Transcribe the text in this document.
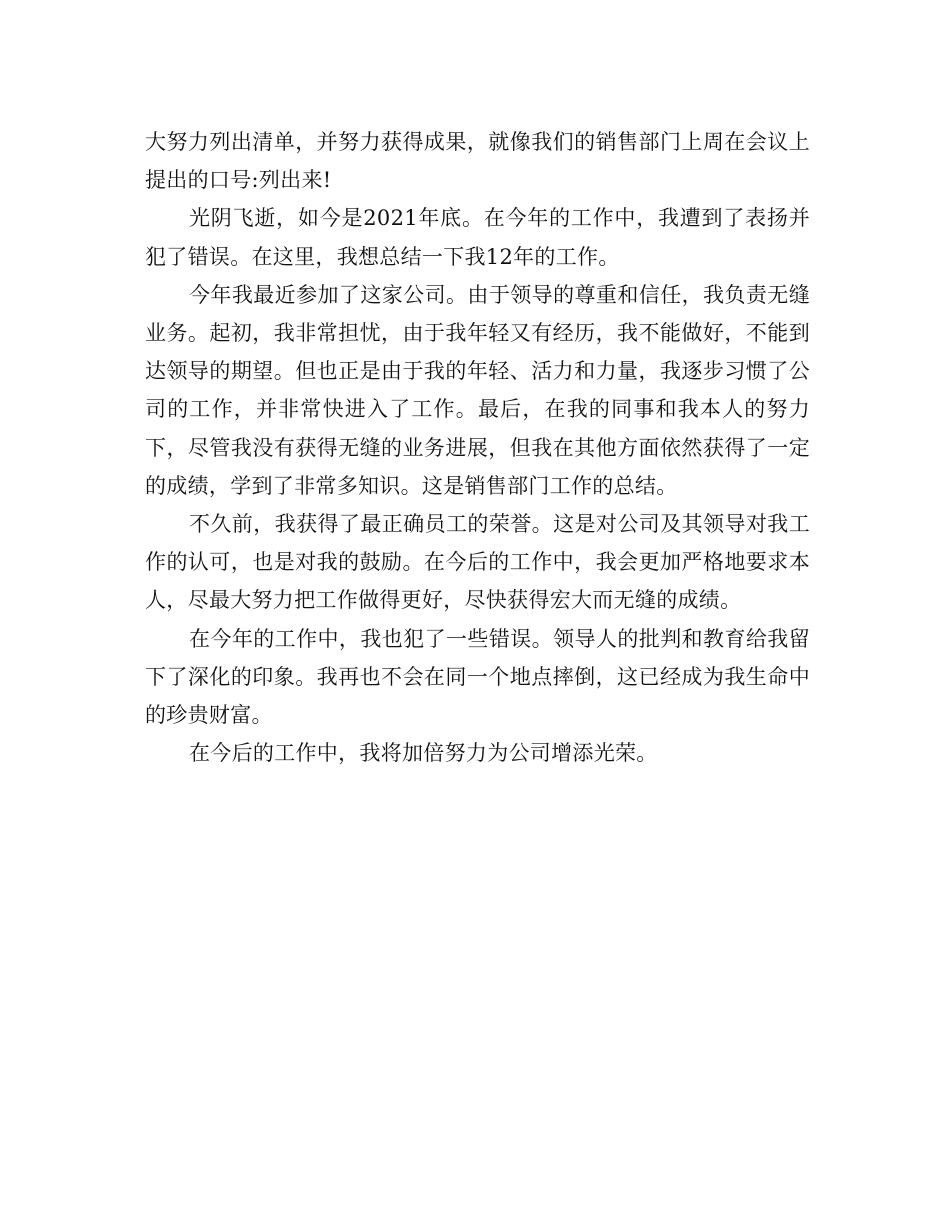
大努力列出清单，并努力获得成果，就像我们的销售部门上周在会议上提出的口号:列出来!

光阴飞逝，如今是2021年底。在今年的工作中，我遭到了表扬并犯了错误。在这里，我想总结一下我12年的工作。

今年我最近参加了这家公司。由于领导的尊重和信任，我负责无缝业务。起初，我非常担忧，由于我年轻又有经历，我不能做好，不能到达领导的期望。但也正是由于我的年轻、活力和力量，我逐步习惯了公司的工作，并非常快进入了工作。最后，在我的同事和我本人的努力下，尽管我没有获得无缝的业务进展，但我在其他方面依然获得了一定的成绩，学到了非常多知识。这是销售部门工作的总结。

不久前，我获得了最正确员工的荣誉。这是对公司及其领导对我工作的认可，也是对我的鼓励。在今后的工作中，我会更加严格地要求本人，尽最大努力把工作做得更好，尽快获得宏大而无缝的成绩。

在今年的工作中，我也犯了一些错误。领导人的批判和教育给我留下了深化的印象。我再也不会在同一个地点摔倒，这已经成为我生命中的珍贵财富。

在今后的工作中，我将加倍努力为公司增添光荣。
